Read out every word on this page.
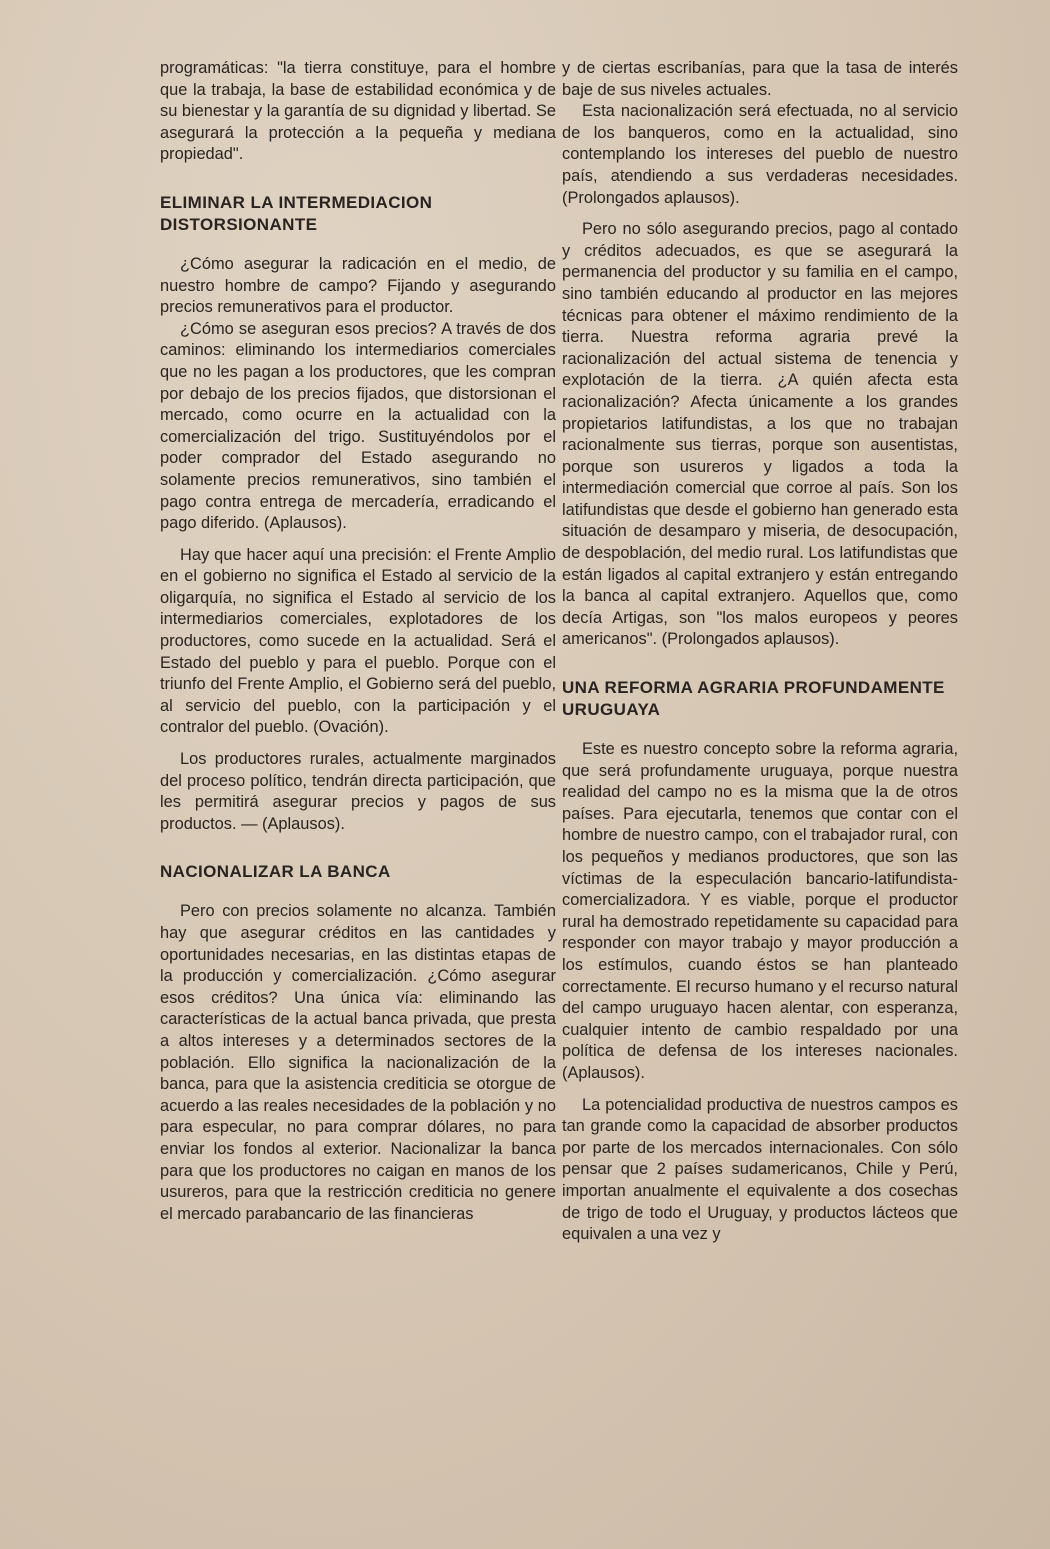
programáticas: "la tierra constituye, para el hombre que la trabaja, la base de estabilidad económica y de su bienestar y la garantía de su dignidad y libertad. Se asegurará la protección a la pequeña y mediana propiedad".

ELIMINAR LA INTERMEDIACION DISTORSIONANTE

¿Cómo asegurar la radicación en el medio, de nuestro hombre de campo? Fijando y asegurando precios remunerativos para el productor.

¿Cómo se aseguran esos precios? A través de dos caminos: eliminando los intermediarios comerciales que no les pagan a los productores, que les compran por debajo de los precios fijados, que distorsionan el mercado, como ocurre en la actualidad con la comercialización del trigo. Sustituyéndolos por el poder comprador del Estado asegurando no solamente precios remunerativos, sino también el pago contra entrega de mercadería, erradicando el pago diferido. (Aplausos).

Hay que hacer aquí una precisión: el Frente Amplio en el gobierno no significa el Estado al servicio de la oligarquía, no significa el Estado al servicio de los intermediarios comerciales, explotadores de los productores, como sucede en la actualidad. Será el Estado del pueblo y para el pueblo. Porque con el triunfo del Frente Amplio, el Gobierno será del pueblo, al servicio del pueblo, con la participación y el contralor del pueblo. (Ovación).

Los productores rurales, actualmente marginados del proceso político, tendrán directa participación, que les permitirá asegurar precios y pagos de sus productos. — (Aplausos).

NACIONALIZAR LA BANCA

Pero con precios solamente no alcanza. También hay que asegurar créditos en las cantidades y oportunidades necesarias, en las distintas etapas de la producción y comercialización. ¿Cómo asegurar esos créditos? Una única vía: eliminando las características de la actual banca privada, que presta a altos intereses y a determinados sectores de la población. Ello significa la nacionalización de la banca, para que la asistencia crediticia se otorgue de acuerdo a las reales necesidades de la población y no para especular, no para comprar dólares, no para enviar los fondos al exterior. Nacionalizar la banca para que los productores no caigan en manos de los usureros, para que la restricción crediticia no genere el mercado parabancario de las financieras

y de ciertas escribanías, para que la tasa de interés baje de sus niveles actuales.

Esta nacionalización será efectuada, no al servicio de los banqueros, como en la actualidad, sino contemplando los intereses del pueblo de nuestro país, atendiendo a sus verdaderas necesidades. (Prolongados aplausos).

Pero no sólo asegurando precios, pago al contado y créditos adecuados, es que se asegurará la permanencia del productor y su familia en el campo, sino también educando al productor en las mejores técnicas para obtener el máximo rendimiento de la tierra. Nuestra reforma agraria prevé la racionalización del actual sistema de tenencia y explotación de la tierra. ¿A quién afecta esta racionalización? Afecta únicamente a los grandes propietarios latifundistas, a los que no trabajan racionalmente sus tierras, porque son ausentistas, porque son usureros y ligados a toda la intermediación comercial que corroe al país. Son los latifundistas que desde el gobierno han generado esta situación de desamparo y miseria, de desocupación, de despoblación, del medio rural. Los latifundistas que están ligados al capital extranjero y están entregando la banca al capital extranjero. Aquellos que, como decía Artigas, son "los malos europeos y peores americanos". (Prolongados aplausos).

UNA REFORMA AGRARIA PROFUNDAMENTE URUGUAYA

Este es nuestro concepto sobre la reforma agraria, que será profundamente uruguaya, porque nuestra realidad del campo no es la misma que la de otros países. Para ejecutarla, tenemos que contar con el hombre de nuestro campo, con el trabajador rural, con los pequeños y medianos productores, que son las víctimas de la especulación bancario-latifundista-comercializadora. Y es viable, porque el productor rural ha demostrado repetidamente su capacidad para responder con mayor trabajo y mayor producción a los estímulos, cuando éstos se han planteado correctamente. El recurso humano y el recurso natural del campo uruguayo hacen alentar, con esperanza, cualquier intento de cambio respaldado por una política de defensa de los intereses nacionales. (Aplausos).

La potencialidad productiva de nuestros campos es tan grande como la capacidad de absorber productos por parte de los mercados internacionales. Con sólo pensar que 2 países sudamericanos, Chile y Perú, importan anualmente el equivalente a dos cosechas de trigo de todo el Uruguay, y productos lácteos que equivalen a una vez y
